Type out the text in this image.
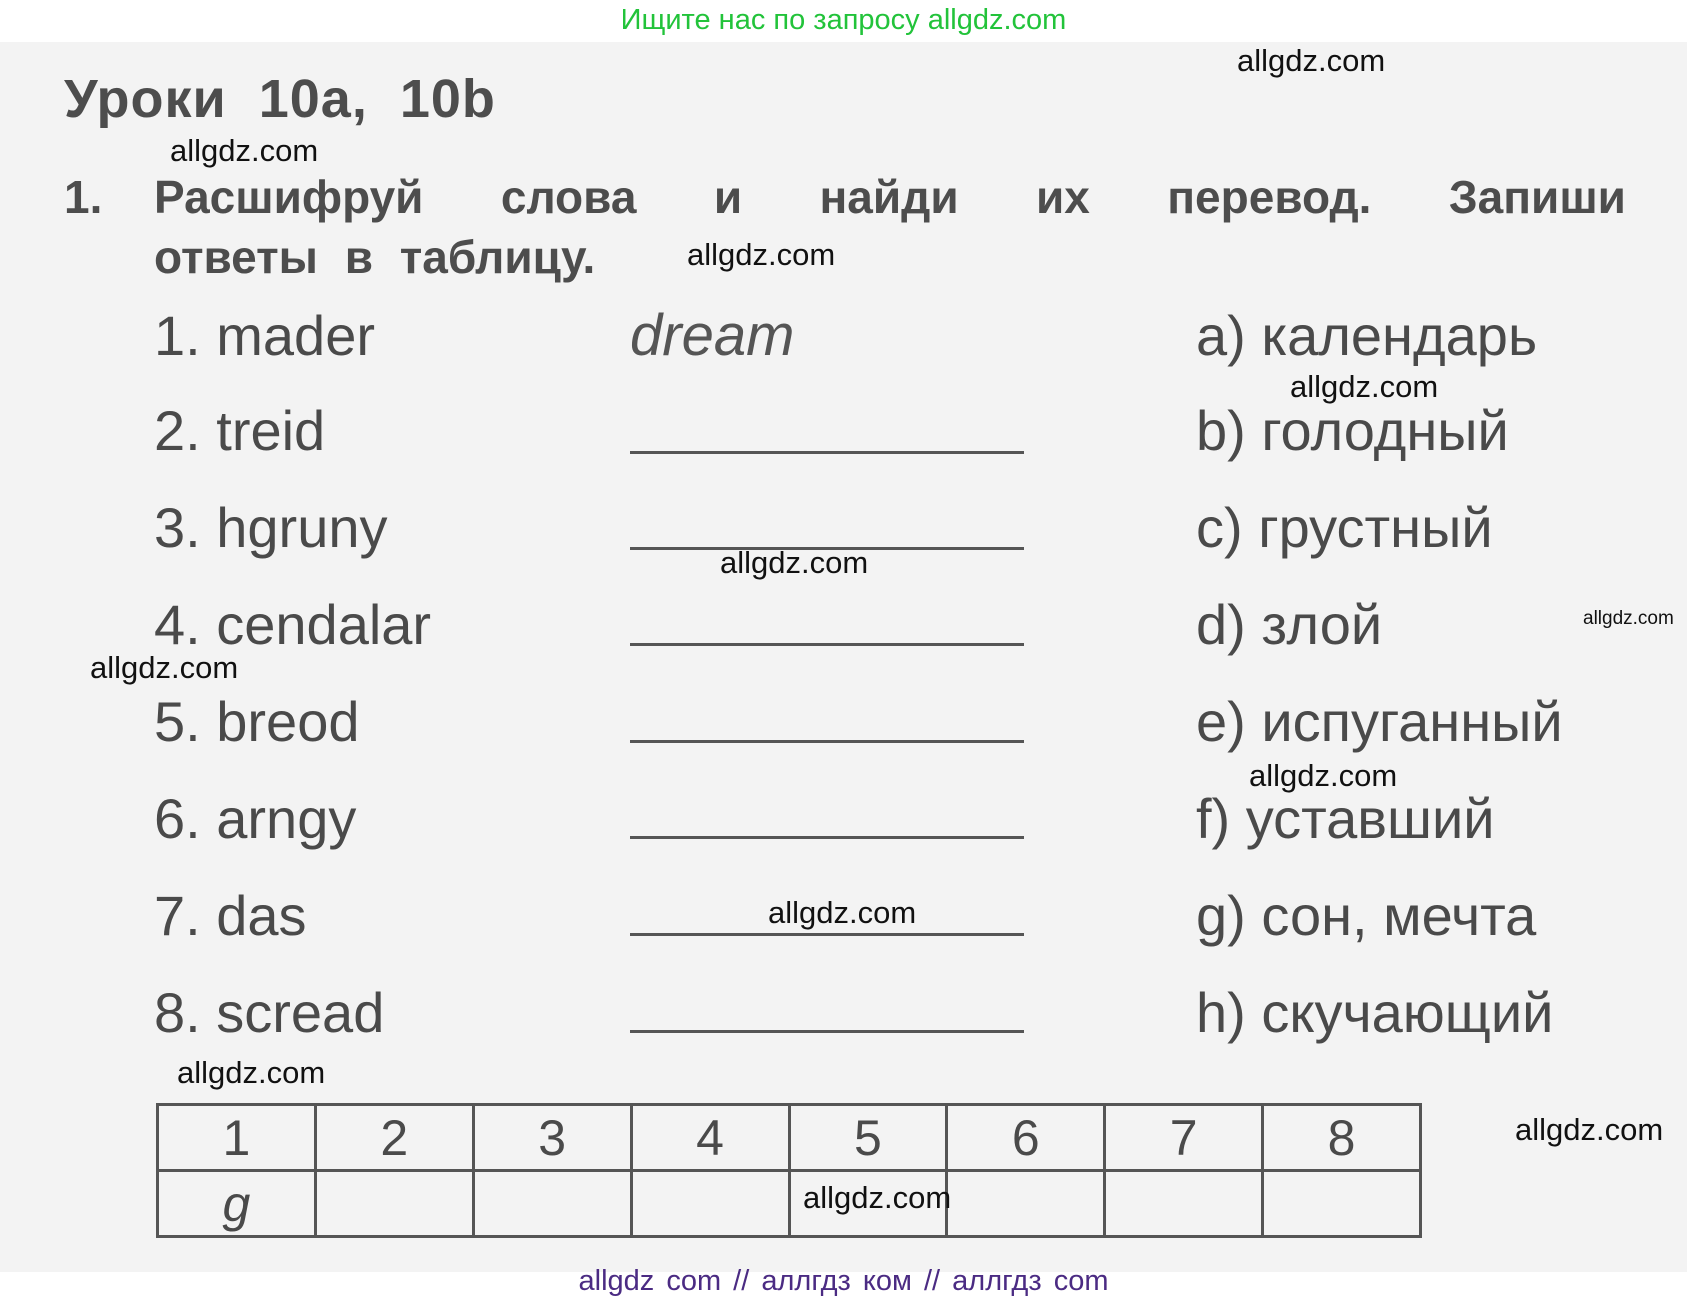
Ищите нас по запросу allgdz.com
Уроки 10a, 10b
1. Расшифруй слова и найди их перевод. Запиши
ответы в таблицу.
1. mader	dream	a) календарь
2. treid	b) голодный
3. hgruny	c) грустный
4. cendalar	d) злой
5. breod	e) испуганный
6. arngy	f) уставший
7. das	g) сон, мечта
8. scread	h) скучающий
1	2	3	4	5	6	7	8
g							
allgdz.com
allgdz.com
allgdz.com
allgdz.com
allgdz.com
allgdz.com
allgdz.com
allgdz.com
allgdz.com
allgdz.com
allgdz.com
allgdz.com
allgdz com // аллгдз ком // аллгдз com
